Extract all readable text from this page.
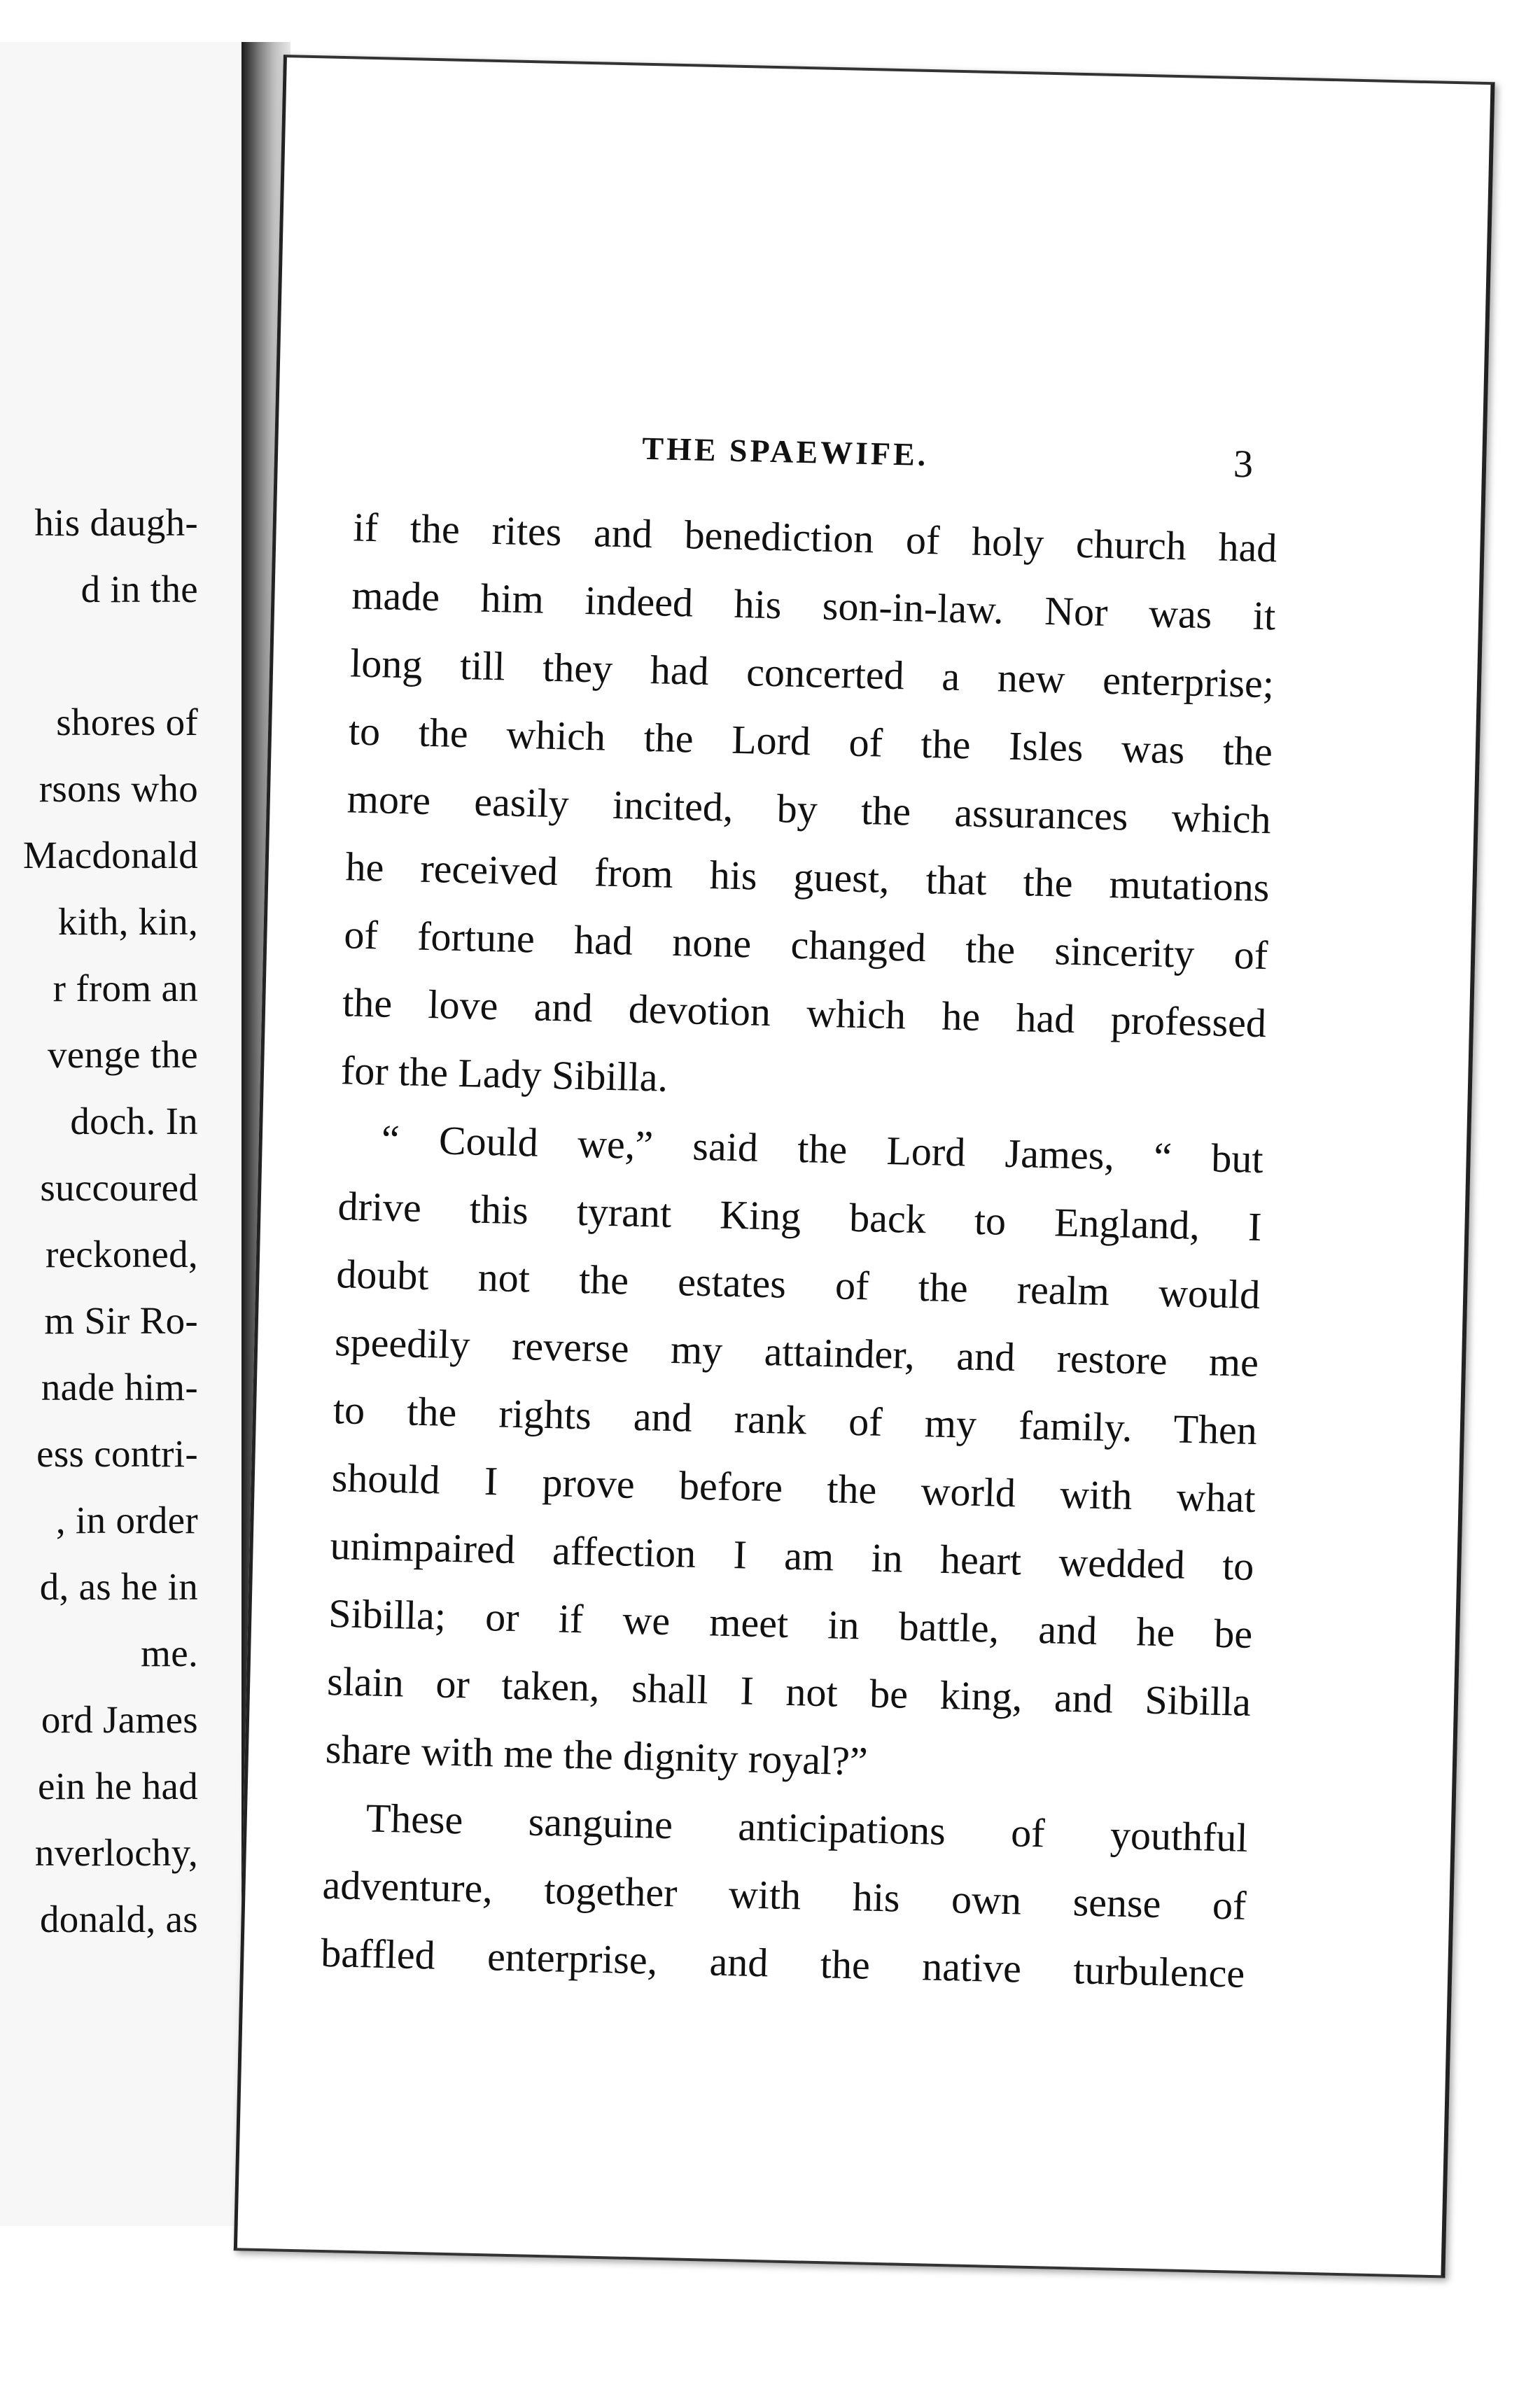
his daugh-
d in the
shores of
rsons who
Macdonald
kith, kin,
r from an
venge the
doch. In
succoured
reckoned,
m Sir Ro-
nade him-
ess contri-
, in order
d, as he in
me.
ord James
ein he had
nverlochy,
donald, as
THE SPAEWIFE.	3
if the rites and benediction of holy church had
made him indeed his son-in-law. Nor was it
long till they had concerted a new enterprise;
to the which the Lord of the Isles was the
more easily incited, by the assurances which
he received from his guest, that the mutations
of fortune had none changed the sincerity of
the love and devotion which he had professed
for the Lady Sibilla.
“ Could we,” said the Lord James, “ but
drive this tyrant King back to England, I
doubt not the estates of the realm would
speedily reverse my attainder, and restore me
to the rights and rank of my family. Then
should I prove before the world with what
unimpaired affection I am in heart wedded to
Sibilla; or if we meet in battle, and he be
slain or taken, shall I not be king, and Sibilla
share with me the dignity royal?”
These sanguine anticipations of youthful
adventure, together with his own sense of
baffled enterprise, and the native turbulence
